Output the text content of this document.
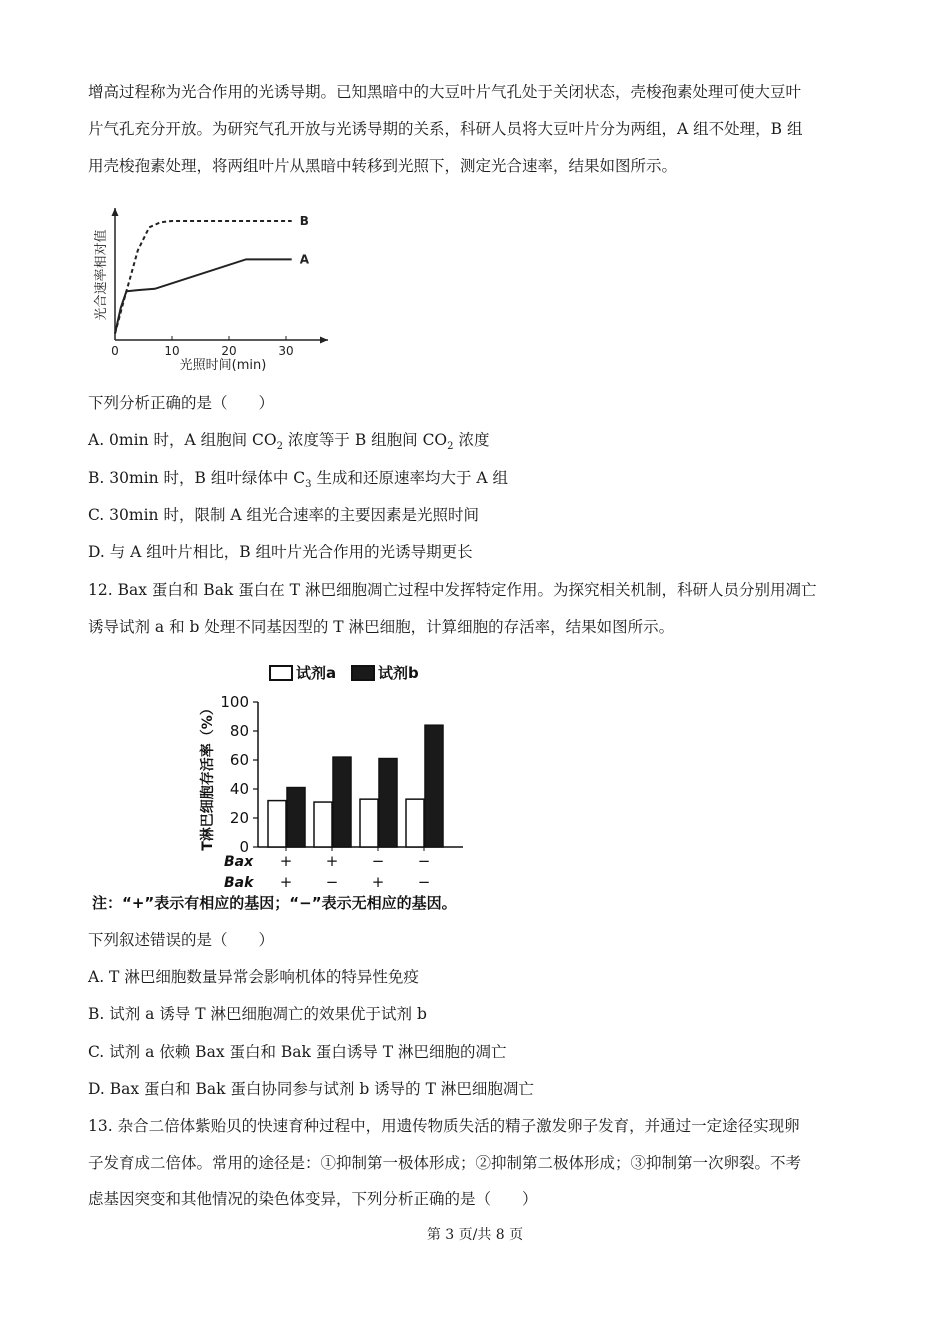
增高过程称为光合作用的光诱导期。已知黑暗中的大豆叶片气孔处于关闭状态，壳梭孢素处理可使大豆叶
片气孔充分开放。为研究气孔开放与光诱导期的关系，科研人员将大豆叶片分为两组，A 组不处理，B 组
用壳梭孢素处理，将两组叶片从黑暗中转移到光照下，测定光合速率，结果如图所示。
0	10	20	30
B
A
光合速率相对值
光照时间(min)
下列分析正确的是（　　）
A. 0min 时，A 组胞间 $CO_2$ 浓度等于 B 组胞间 $CO_2$ 浓度
B. 30min 时，B 组叶绿体中 $C_3$ 生成和还原速率均大于 A 组
C. 30min 时，限制 A 组光合速率的主要因素是光照时间
D. 与 A 组叶片相比，B 组叶片光合作用的光诱导期更长
12. Bax 蛋白和 Bak 蛋白在 T 淋巴细胞凋亡过程中发挥特定作用。为探究相关机制，科研人员分别用凋亡
诱导试剂 a 和 b 处理不同基因型的 T 淋巴细胞，计算细胞的存活率，结果如图所示。
试剂a	试剂b
T淋巴细胞存活率（%） 0
20
40
60
80
100
+
+
+
−
−
+
−
−
Bax
Bak
注：“+”表示有相应的基因；“−”表示无相应的基因。
下列叙述错误的是（　　）
A. T 淋巴细胞数量异常会影响机体的特异性免疫
B. 试剂 a 诱导 T 淋巴细胞凋亡的效果优于试剂 b
C. 试剂 a 依赖 Bax 蛋白和 Bak 蛋白诱导 T 淋巴细胞的凋亡
D. Bax 蛋白和 Bak 蛋白协同参与试剂 b 诱导的 T 淋巴细胞凋亡
13. 杂合二倍体紫贻贝的快速育种过程中，用遗传物质失活的精子激发卵子发育，并通过一定途径实现卵
子发育成二倍体。常用的途径是：①抑制第一极体形成；②抑制第二极体形成；③抑制第一次卵裂。不考
虑基因突变和其他情况的染色体变异，下列分析正确的是（　　）
第 3 页/共 8 页
